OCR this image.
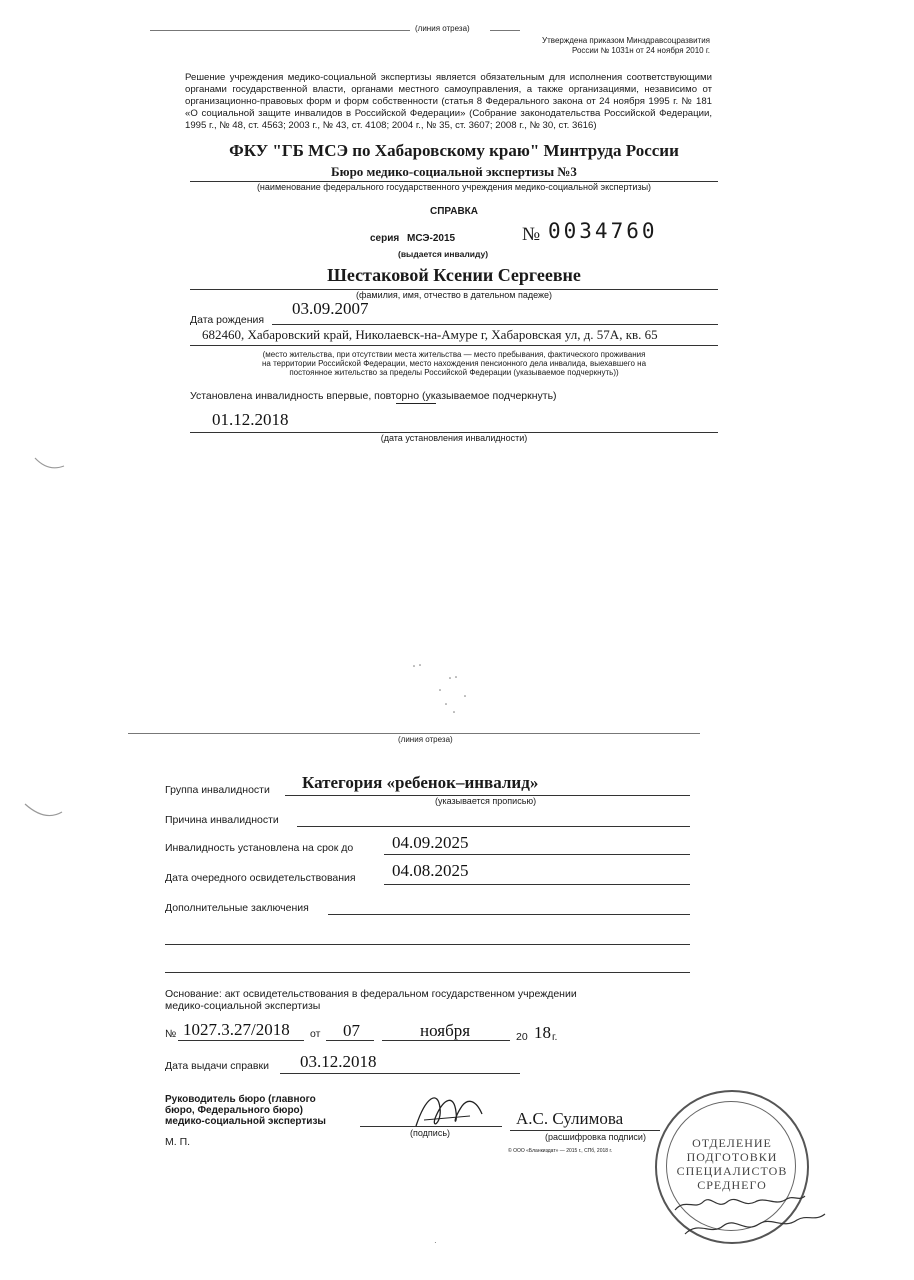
(линия отреза)
Утверждена приказом Минздравсоцразвития
России № 1031н от 24 ноября 2010 г.
Решение учреждения медико-социальной экспертизы является обязательным для исполнения соответствующими органами государственной власти, органами местного самоуправления, а также организациями, независимо от организационно-правовых форм и форм собственности (статья 8 Федерального закона от 24 ноября 1995 г. № 181 «О социальной защите инвалидов в Российской Федерации» (Собрание законодательства Российской Федерации, 1995 г., № 48, ст. 4563; 2003 г., № 43, ст. 4108; 2004 г., № 35, ст. 3607; 2008 г., № 30, ст. 3616)
ФКУ "ГБ МСЭ по Хабаровскому краю" Минтруда России
Бюро медико-социальной экспертизы №3
(наименование федерального государственного учреждения медико-социальной экспертизы)
СПРАВКА
серия МСЭ-2015	№ 0034760
(выдается инвалиду)
Шестаковой Ксении Сергеевне
(фамилия, имя, отчество в дательном падеже)
Дата рождения
03.09.2007
682460, Хабаровский край, Николаевск-на-Амуре г, Хабаровская ул, д. 57А, кв. 65
(место жительства, при отсутствии места жительства — место пребывания, фактического проживания
на территории Российской Федерации, место нахождения пенсионного дела инвалида, выехавшего на
постоянное жительство за пределы Российской Федерации (указываемое подчеркнуть))
Установлена инвалидность впервые, повторно (указываемое подчеркнуть)
01.12.2018
(дата установления инвалидности)
(линия отреза)
Группа инвалидности Категория «ребенок–инвалид»
(указывается прописью)
Причина инвалидности
Инвалидность установлена на срок до 04.09.2025
Дата очередного освидетельствования 04.08.2025
Дополнительные заключения
Основание: акт освидетельствования в федеральном государственном учреждении
медико-социальной экспертизы
№ 1027.3.27/2018 от 07	ноября	20 18 г.
Дата выдачи справки 03.12.2018
Руководитель бюро (главного
бюро, Федерального бюро)
медико-социальной экспертизы
М. П.
(подпись)
А.С. Сулимова
(расшифровка подписи)
© ООО «Бланкиздат» — 2015 г., СПб, 2018 г.
ОТДЕЛЕНИЕ
ПОДГОТОВКИ
СПЕЦИАЛИСТОВ
СРЕДНЕГО
·
